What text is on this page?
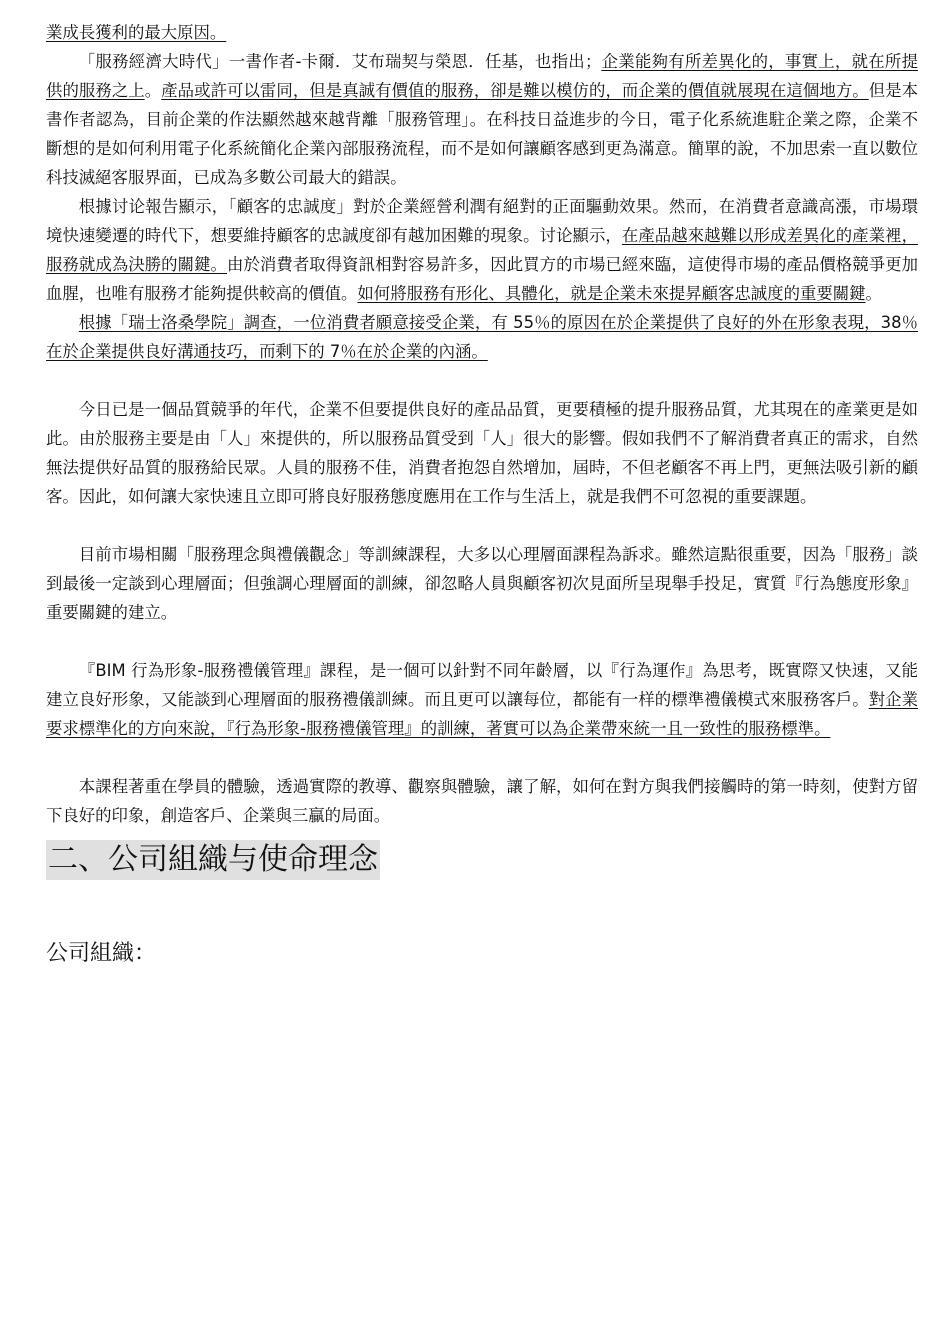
業成長獲利的最大原因。

「服務經濟大時代」一書作者-卡爾．艾布瑞契与榮恩．任基，也指出；企業能夠有所差異化的，事實上，就在所提供的服務之上。產品或許可以雷同，但是真誠有價值的服務，卻是難以模仿的，而企業的價值就展現在這個地方。但是本書作者認為，目前企業的作法顯然越來越背離「服務管理」。在科技日益進步的今日，電子化系統進駐企業之際，企業不斷想的是如何利用電子化系統簡化企業內部服務流程，而不是如何讓顧客感到更為滿意。簡單的說，不加思索一直以數位科技滅絕客服界面，已成為多數公司最大的錯誤。

根據讨论報告顯示，「顧客的忠誠度」對於企業經營利潤有絕對的正面驅動效果。然而，在消費者意識高漲，市場環境快速變遷的時代下，想要維持顧客的忠誠度卻有越加困難的現象。讨论顯示，在產品越來越難以形成差異化的產業裡，服務就成為決勝的關鍵。由於消費者取得資訊相對容易許多，因此買方的市場已經來臨，這使得市場的產品價格競爭更加血腥，也唯有服務才能夠提供較高的價值。如何將服務有形化、具體化，就是企業未來提昇顧客忠誠度的重要關鍵。

根據「瑞士洛桑學院」調查，一位消費者願意接受企業，有 55％的原因在於企業提供了良好的外在形象表現，38％在於企業提供良好溝通技巧，而剩下的 7％在於企業的內涵。

今日已是一個品質競爭的年代，企業不但要提供良好的產品品質，更要積極的提升服務品質，尤其現在的產業更是如此。由於服務主要是由「人」來提供的，所以服務品質受到「人」很大的影響。假如我們不了解消費者真正的需求，自然無法提供好品質的服務給民眾。人員的服務不佳，消費者抱怨自然增加，屆時，不但老顧客不再上門，更無法吸引新的顧客。因此，如何讓大家快速且立即可將良好服務態度應用在工作与生活上，就是我們不可忽視的重要課題。

目前市場相關「服務理念與禮儀觀念」等訓練課程，大多以心理層面課程為訴求。雖然這點很重要，因為「服務」談到最後一定談到心理層面；但強調心理層面的訓練，卻忽略人員與顧客初次見面所呈現舉手投足，實質『行為態度形象』重要關鍵的建立。

『BIM 行為形象-服務禮儀管理』課程，是一個可以針對不同年齡層，以『行為運作』為思考，既實際又快速，又能建立良好形象，又能談到心理層面的服務禮儀訓練。而且更可以讓每位，都能有一样的標準禮儀模式來服務客戶。對企業要求標準化的方向來說，『行為形象-服務禮儀管理』的訓練，著實可以為企業帶來統一且一致性的服務標準。

本課程著重在學員的體驗，透過實際的教導、觀察與體驗，讓了解，如何在對方與我們接觸時的第一時刻，使對方留下良好的印象，創造客戶、企業與三贏的局面。

二、公司組織与使命理念
公司組織：
